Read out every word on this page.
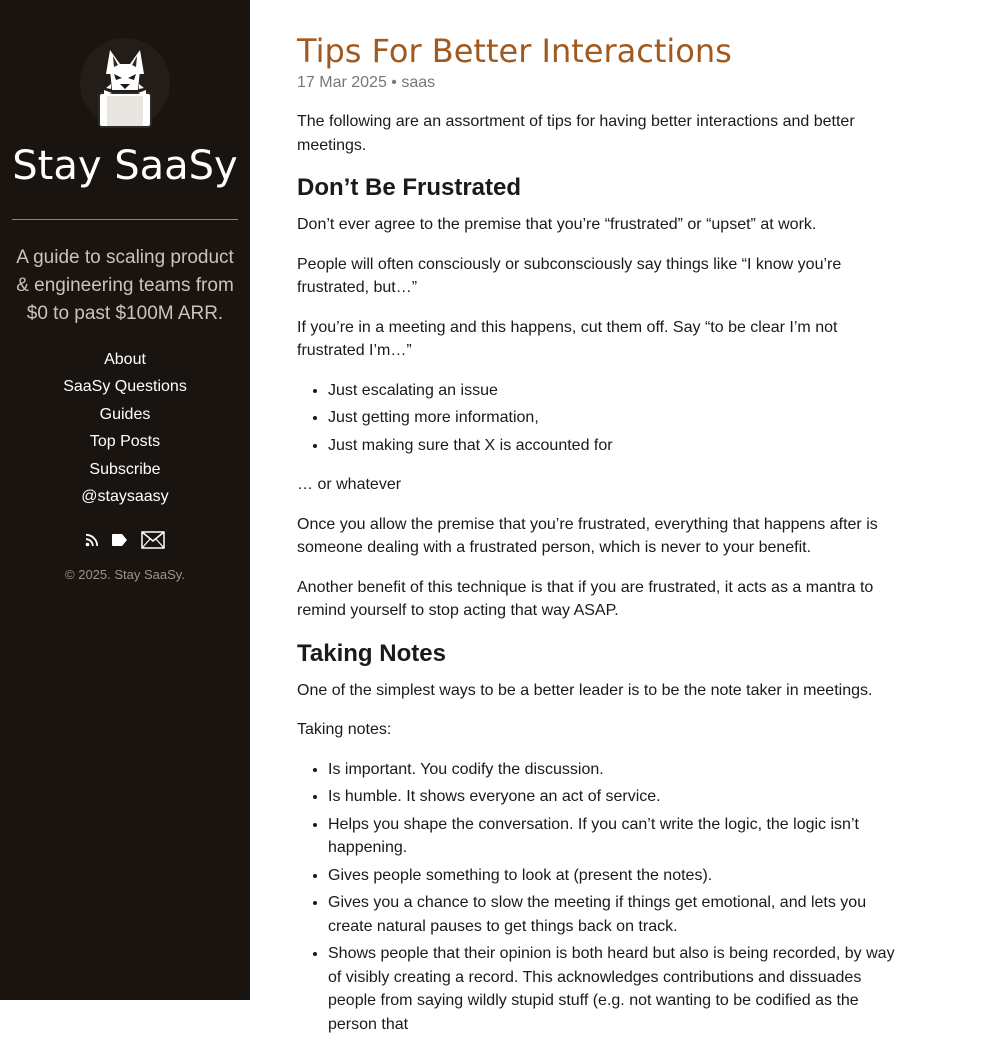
Stay SaaSy
A guide to scaling product & engineering teams from $0 to past $100M ARR.
About
SaaSy Questions
Guides
Top Posts
Subscribe
@staysaasy
© 2025. Stay SaaSy.
Tips For Better Interactions
17 Mar 2025 • saas

The following are an assortment of tips for having better interactions and better meetings.

Don’t Be Frustrated

Don’t ever agree to the premise that you’re “frustrated” or “upset” at work.

People will often consciously or subconsciously say things like “I know you’re frustrated, but…”

If you’re in a meeting and this happens, cut them off. Say “to be clear I’m not frustrated I’m…”

• Just escalating an issue
• Just getting more information,
• Just making sure that X is accounted for

… or whatever

Once you allow the premise that you’re frustrated, everything that happens after is someone dealing with a frustrated person, which is never to your benefit.

Another benefit of this technique is that if you are frustrated, it acts as a mantra to remind yourself to stop acting that way ASAP.

Taking Notes

One of the simplest ways to be a better leader is to be the note taker in meetings.

Taking notes:

• Is important. You codify the discussion.
• Is humble. It shows everyone an act of service.
• Helps you shape the conversation. If you can’t write the logic, the logic isn’t happening.
• Gives people something to look at (present the notes).
• Gives you a chance to slow the meeting if things get emotional, and lets you create natural pauses to get things back on track.
• Shows people that their opinion is both heard but also is being recorded, by way of visibly creating a record. This acknowledges contributions and dissuades people from saying wildly stupid stuff (e.g. not wanting to be codified as the person that
